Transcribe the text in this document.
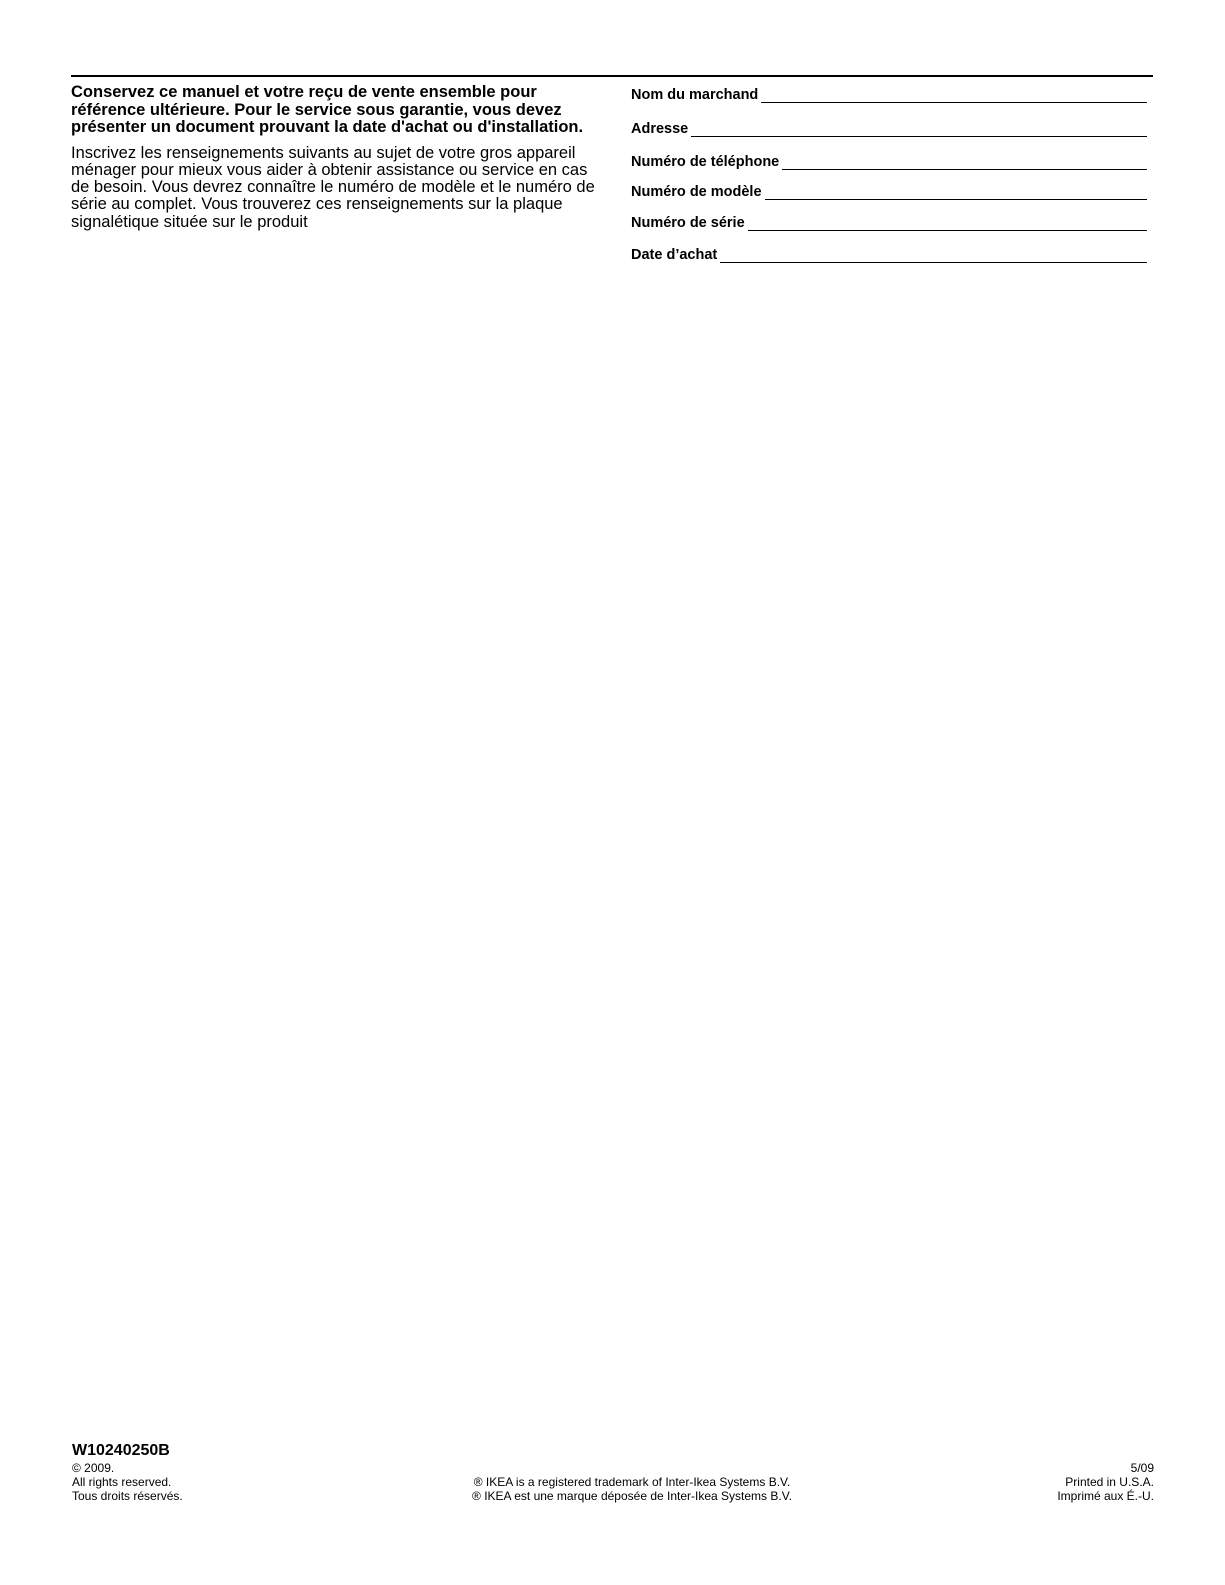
Conservez ce manuel et votre reçu de vente ensemble pour référence ultérieure. Pour le service sous garantie, vous devez présenter un document prouvant la date d'achat ou d'installation.

Inscrivez les renseignements suivants au sujet de votre gros appareil ménager pour mieux vous aider à obtenir assistance ou service en cas de besoin. Vous devrez connaître le numéro de modèle et le numéro de série au complet. Vous trouverez ces renseignements sur la plaque signalétique située sur le produit

Nom du marchand
Adresse
Numéro de téléphone
Numéro de modèle
Numéro de série
Date d’achat
W10240250B
© 2009.
All rights reserved.
Tous droits réservés.
® IKEA is a registered trademark of Inter-Ikea Systems B.V.
® IKEA est une marque déposée de Inter-Ikea Systems B.V.
5/09
Printed in U.S.A.
Imprimé aux É.-U.
